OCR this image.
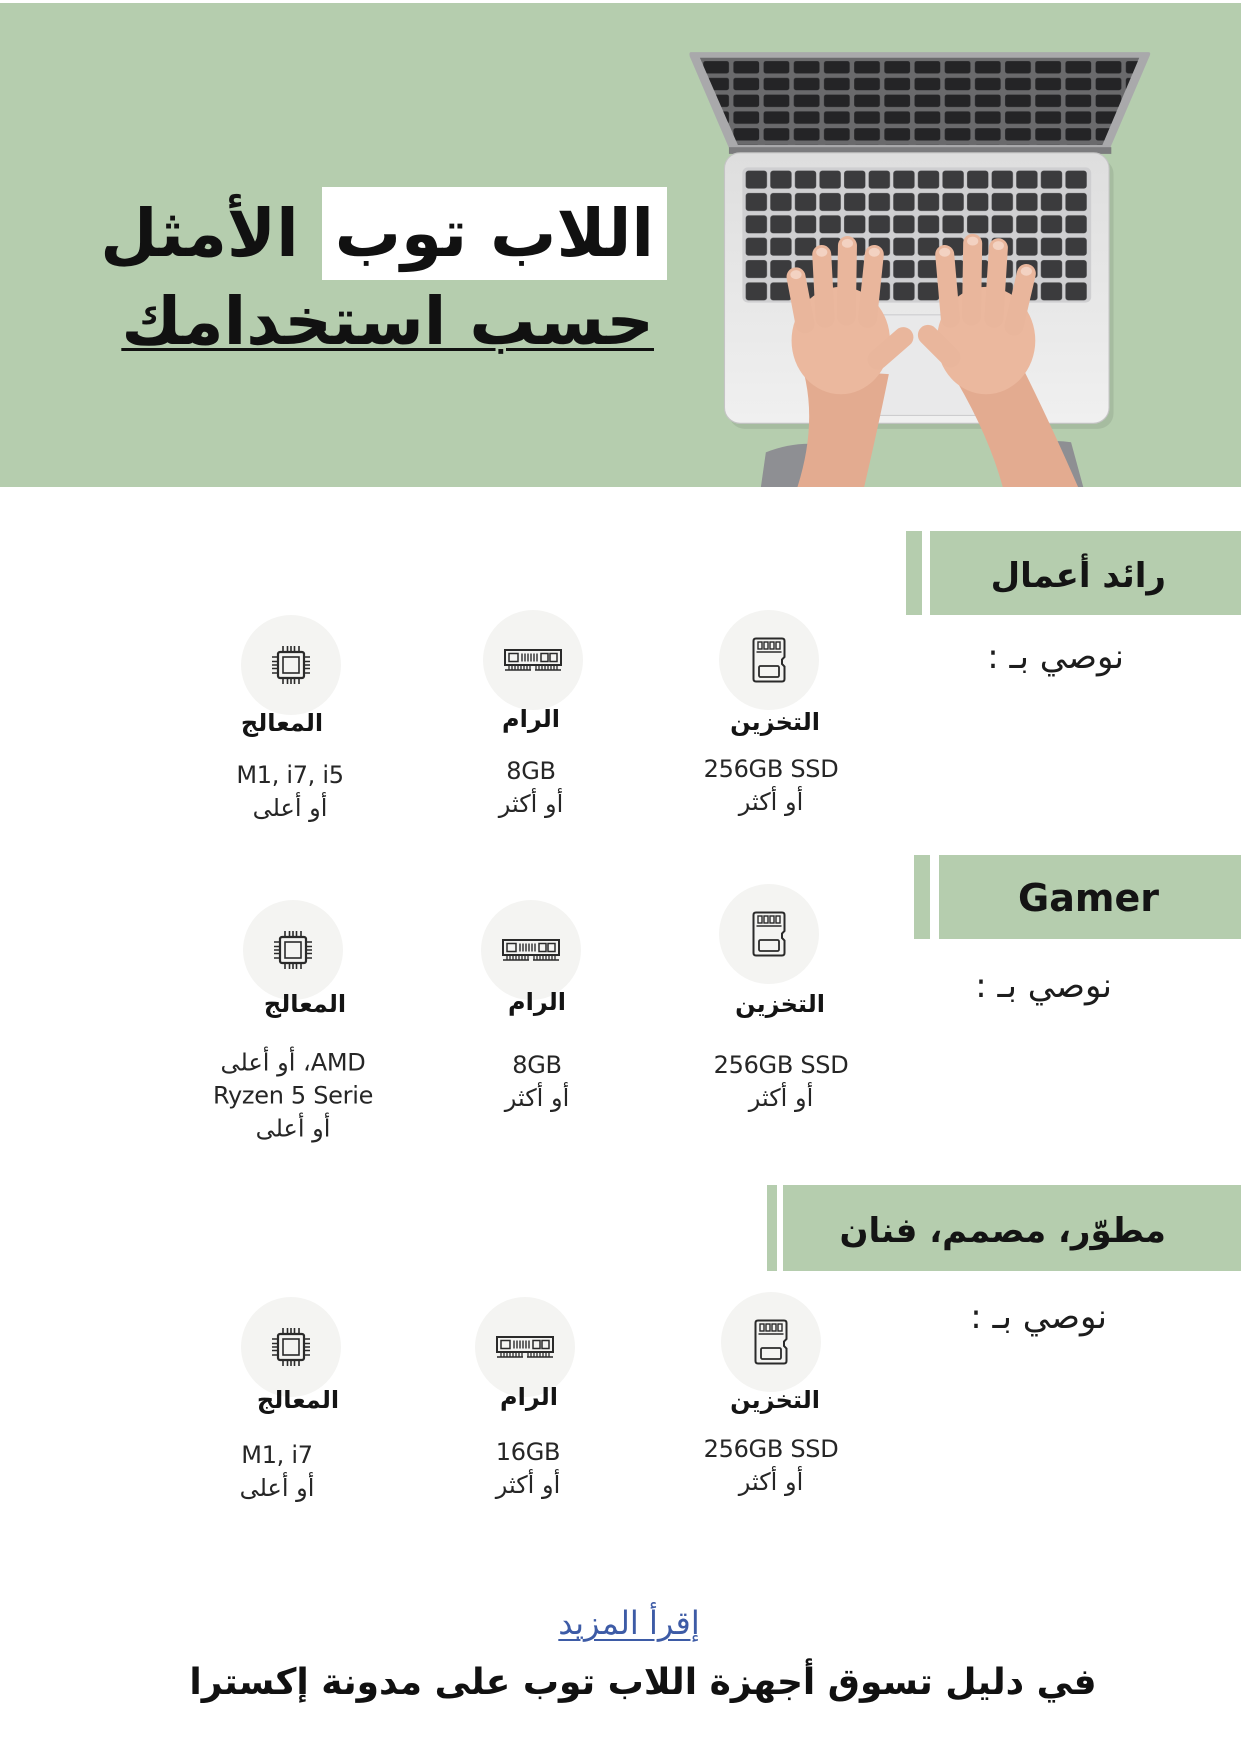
اللاب توب الأمثل
حسب استخدامك
رائد أعمال
نوصي بـ :
التخزين
256GB SSD
أو أكثر
الرام
8GB
أو أكثر
المعالج
M1, i7, i5
أو أعلى
Gamer
نوصي بـ :
التخزين
256GB SSD
أو أكثر
الرام
8GB
أو أكثر
المعالج
AMD، أو أعلى
Ryzen 5 Serie
أو أعلى
مطوّر، مصمم، فنان
نوصي بـ :
التخزين
256GB SSD
أو أكثر
الرام
16GB
أو أكثر
المعالج
M1, i7
أو أعلى
إقرأ المزيد
في دليل تسوق أجهزة اللاب توب على مدونة إكسترا
